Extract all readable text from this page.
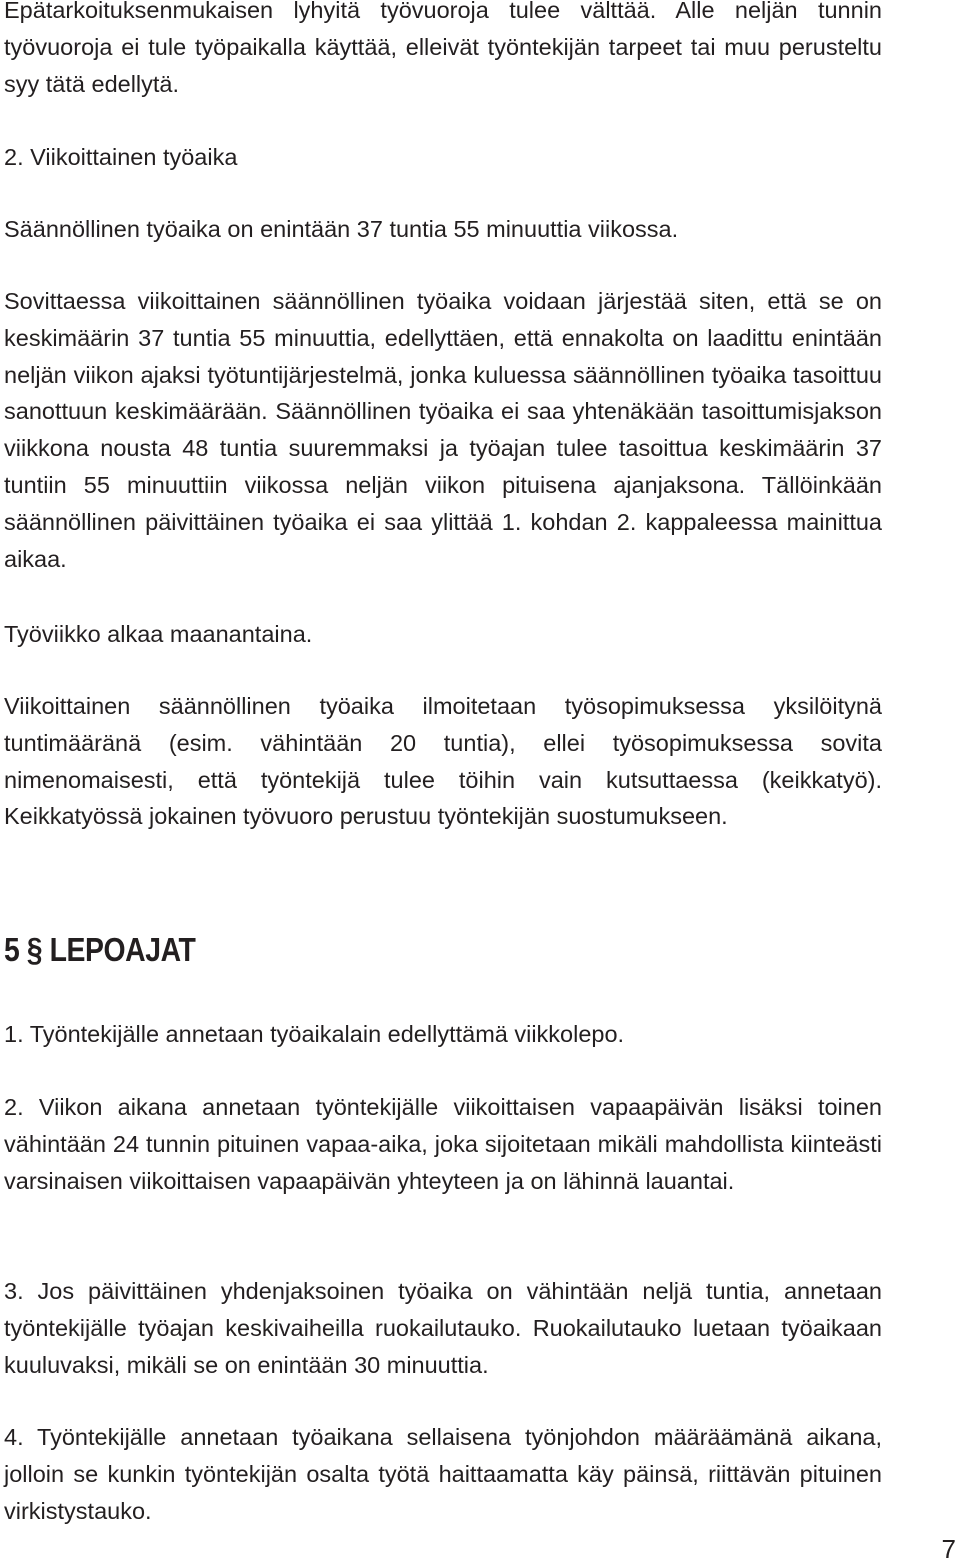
Epätarkoituksenmukaisen lyhyitä työvuoroja tulee välttää. Alle neljän tunnin työvuoroja ei tule työpaikalla käyttää, elleivät työntekijän tarpeet tai muu perusteltu syy tätä edellytä.

2. Viikoittainen työaika

Säännöllinen työaika on enintään 37 tuntia 55 minuuttia viikossa.

Sovittaessa viikoittainen säännöllinen työaika voidaan järjestää siten, että se on keskimäärin 37 tuntia 55 minuuttia, edellyttäen, että ennakolta on laadittu enintään neljän viikon ajaksi työtuntijärjestelmä, jonka kuluessa säännöllinen työaika tasoittuu sanottuun keskimäärään. Säännöllinen työaika ei saa yhtenäkään tasoittumisjakson viikkona nousta 48 tuntia suuremmaksi ja työajan tulee tasoittua keskimäärin 37 tuntiin 55 minuuttiin viikossa neljän viikon pituisena ajanjaksona. Tällöinkään säännöllinen päivittäinen työaika ei saa ylittää 1. kohdan 2. kappaleessa mainittua aikaa.

Työviikko alkaa maanantaina.

Viikoittainen säännöllinen työaika ilmoitetaan työsopimuksessa yksilöitynä tuntimääränä (esim. vähintään 20 tuntia), ellei työsopimuksessa sovita nimenomaisesti, että työntekijä tulee töihin vain kutsuttaessa (keikkatyö). Keikkatyössä jokainen työvuoro perustuu työntekijän suostumukseen.

5 § LEPOAJAT

1. Työntekijälle annetaan työaikalain edellyttämä viikkolepo.

2. Viikon aikana annetaan työntekijälle viikoittaisen vapaapäivän lisäksi toinen vähintään 24 tunnin pituinen vapaa-aika, joka sijoitetaan mikäli mahdollista kiinteästi varsinaisen viikoittaisen vapaapäivän yhteyteen ja on lähinnä lauantai.

3. Jos päivittäinen yhdenjaksoinen työaika on vähintään neljä tuntia, annetaan työntekijälle työajan keskivaiheilla ruokailutauko. Ruokailutauko luetaan työaikaan kuuluvaksi, mikäli se on enintään 30 minuuttia.

4. Työntekijälle annetaan työaikana sellaisena työnjohdon määräämänä aikana, jolloin se kunkin työntekijän osalta työtä haittaamatta käy päinsä, riittävän pituinen virkistystauko.

7
